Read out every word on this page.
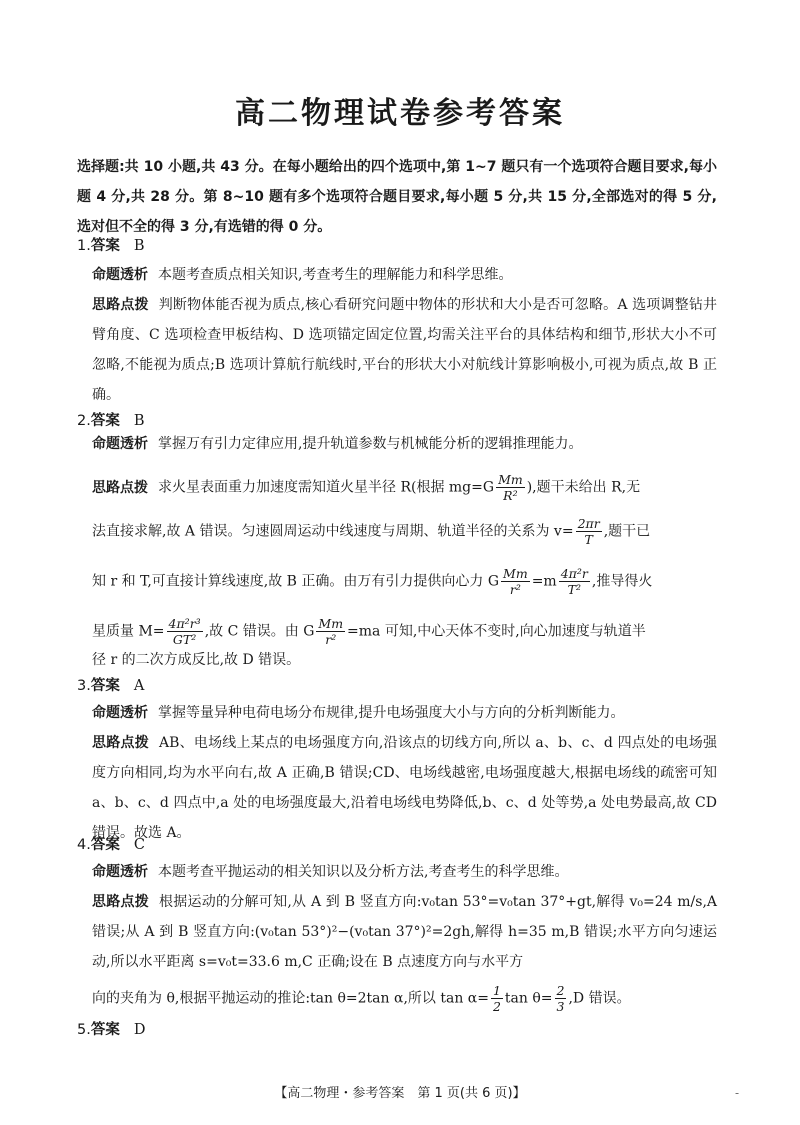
高二物理试卷参考答案
选择题:共 10 小题,共 43 分。在每小题给出的四个选项中,第 1~7 题只有一个选项符合题目要求,每小题 4 分,共 28 分。第 8~10 题有多个选项符合题目要求,每小题 5 分,共 15 分,全部选对的得 5 分,选对但不全的得 3 分,有选错的得 0 分。
1.答案 B
命题透析 本题考查质点相关知识,考查考生的理解能力和科学思维。
思路点拨 判断物体能否视为质点,核心看研究问题中物体的形状和大小是否可忽略。A 选项调整钻井臂角度、C 选项检查甲板结构、D 选项锚定固定位置,均需关注平台的具体结构和细节,形状大小不可忽略,不能视为质点;B 选项计算航行航线时,平台的形状大小对航线计算影响极小,可视为质点,故 B 正确。
2.答案 B
命题透析 掌握万有引力定律应用,提升轨道参数与机械能分析的逻辑推理能力。
思路点拨 求火星表面重力加速度需知道火星半径 R(根据 $mg=G \frac{Mm}{\text{R²}}$ ),题干未给出 R,无
法直接求解,故 A 错误。匀速圆周运动中线速度与周期、轨道半径的关系为 $v= \frac{2\pi r}{T}$ ,题干已
知 r 和 T,可直接计算线速度,故 B 正确。由万有引力提供向心力 G $\frac{Mm}{\text{r²}} =m \frac{\text{4π²r}}{\text{T²}}$ ,推导得火
星质量 $M= \frac{\text{4π²r³}}{\text{GT²}}$ ,故 C 错误。由 G $\frac{Mm}{\text{r²}} =ma$ 可知,中心天体不变时,向心加速度与轨道半
径 r 的二次方成反比,故 D 错误。
3.答案 A
命题透析 掌握等量异种电荷电场分布规律,提升电场强度大小与方向的分析判断能力。
思路点拨 AB、电场线上某点的电场强度方向,沿该点的切线方向,所以 a、b、c、d 四点处的电场强度方向相同,均为水平向右,故 A 正确,B 错误;CD、电场线越密,电场强度越大,根据电场线的疏密可知 a、b、c、d 四点中,a 处的电场强度最大,沿着电场线电势降低,b、c、d 处等势,a 处电势最高,故 CD 错误。故选 A。
4.答案 C
命题透析 本题考查平抛运动的相关知识以及分析方法,考查考生的科学思维。
思路点拨 根据运动的分解可知,从 A 到 B 竖直方向:v₀tan 53°=v₀tan 37°+gt,解得 v₀=24 m/s,A 错误;从 A 到 B 竖直方向:(v₀tan 53°)²−(v₀tan 37°)²=2gh,解得 h=35 m,B 错误;水平方向匀速运动,所以水平距离 s=v₀t=33.6 m,C 正确;设在 B 点速度方向与水平方
向的夹角为 θ,根据平抛运动的推论:tan θ=2tan α,所以 $\tan \alpha= \frac{1}{2}$ $\tan \theta= \frac{2}{3} ,D$ 错误。
5.答案 D
【高二物理・参考答案　第 1 页(共 6 页)】	-
